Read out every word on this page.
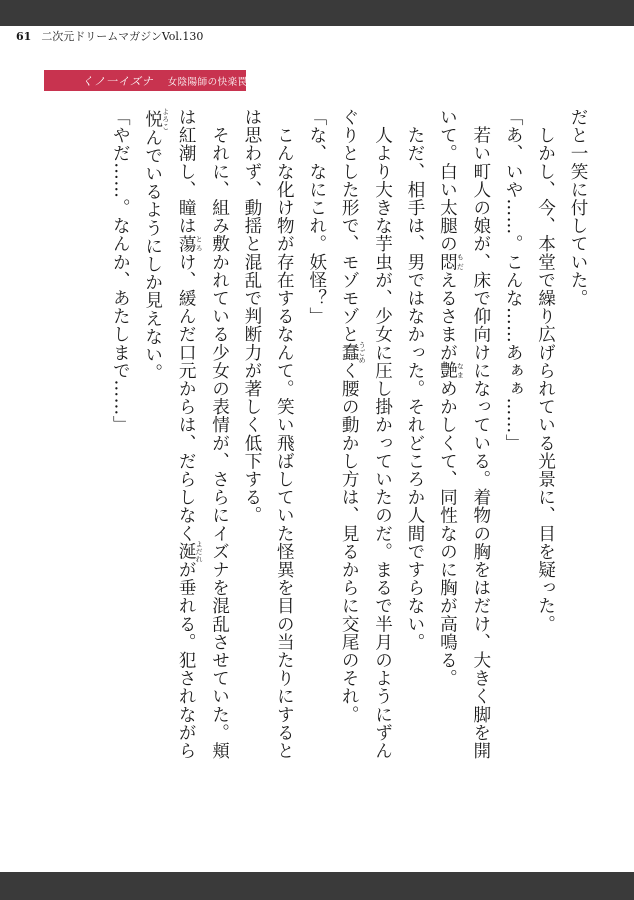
61 二次元ドリームマガジンVol.130
くノ一イズナ 女陰陽師の快楽罠
だと一笑に付していた。
　しかし、今、本堂で繰り広げられている光景に、目を疑った。
「あ、いや……。こんな……あぁぁ……」
　若い町人の娘が、床で仰向けになっている。着物の胸をはだけ、大きく脚を開
いて。白い太腿の悶 もだえるさまが艶 なまめかしくて、同性なのに胸が高鳴る。
　ただ、相手は、男ではなかった。それどころか人間ですらない。
　人より大きな芋虫が、少女に圧し掛かっていたのだ。まるで半月のようにずん
ぐりとした形で、モゾモゾと蠢 うごめく腰の動かし方は、見るからに交尾のそれ。
「な、なにこれ。妖怪？」
　こんな化け物が存在するなんて。笑い飛ばしていた怪異を目の当たりにすると
は思わず、動揺と混乱で判断力が著しく低下する。
　それに、組み敷かれている少女の表情が、さらにイズナを混乱させていた。頬
は紅潮し、瞳は蕩 とろけ、緩んだ口元からは、だらしなく涎 よだれが垂れる。犯されながら
悦 よろこんでいるようにしか見えない。
「やだ……。なんか、あたしまで……」
